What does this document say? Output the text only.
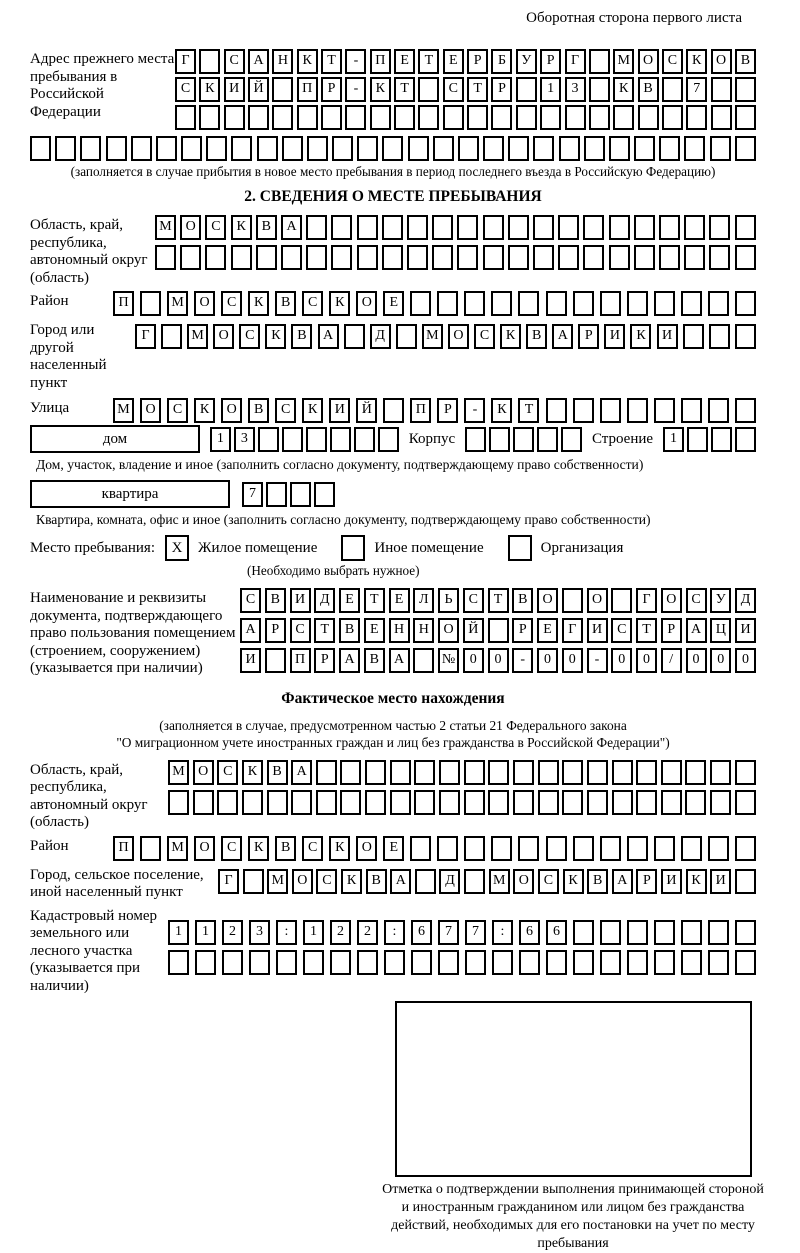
Оборотная сторона первого листа
Адрес прежнего места пребывания в Российской Федерации
Г	С	А	Н	К	Т	-	П	Е	Т	Е	Р	Б	У	Р	Г	М О	С	К	О	В
С	К	И	Й	П	Р	-	К	Т	С	Т	Р	1	3	К	В	7
(заполняется в случае прибытия в новое место пребывания в период последнего въезда в Российскую Федерацию)
2. СВЕДЕНИЯ О МЕСТЕ ПРЕБЫВАНИЯ
Область, край, республика, автономный округ (область)
М О	С	К	В	А
Район	П	М	О	С	К	В	С	К	О	Е
Город или другой населенный пункт
Г	М	О	С	К	В	А	Д	М	О	С	К	В	А	Р	И	К	И
Улица	М	О	С	К	О	В	С	К	И	Й	П	Р	-	К	Т
дом	1	3	Корпус	Строение	1
Дом, участок, владение и иное (заполнить согласно документу, подтверждающему право собственности)
квартира	7
Квартира, комната, офис и иное (заполнить согласно документу, подтверждающему право собственности)
Место пребывания:	X	Жилое помещение	Иное помещение	Организация
(Необходимо выбрать нужное)
Наименование и реквизиты документа, подтверждающего право пользования помещением (строением, сооружением) (указывается при наличии)
С	В	И	Д	Е	Т	Е	Л	Ь	С	Т	В	О	О	Г	О	С	У	Д
А	Р	С	Т	В	Е	Н	Н	О	Й	Р	Е	Г	И	С	Т	Р	А	Ц	И
И	П	Р	А	В	А	№	0	0	-	0	0	-	0	0	/	0	0	0
Фактическое место нахождения
(заполняется в случае, предусмотренном частью 2 статьи 21 Федерального закона
"О миграционном учете иностранных граждан и лиц без гражданства в Российской Федерации")
Область, край, республика, автономный округ (область)
М О	С	К	В	А
Район	П	М	О	С	К	В	С	К	О	Е
Город, сельское поселение, иной населенный пункт
Г	М О	С	К	В	А	Д	М О	С	К	В	А	Р	И	К	И
Кадастровый номер земельного или лесного участка (указывается при наличии)
1	1	2	3	:	1	2	2	:	6	7	7	:	6	6
Отметка о подтверждении выполнения принимающей стороной и иностранным гражданином или лицом без гражданства действий, необходимых для его постановки на учет по месту пребывания
